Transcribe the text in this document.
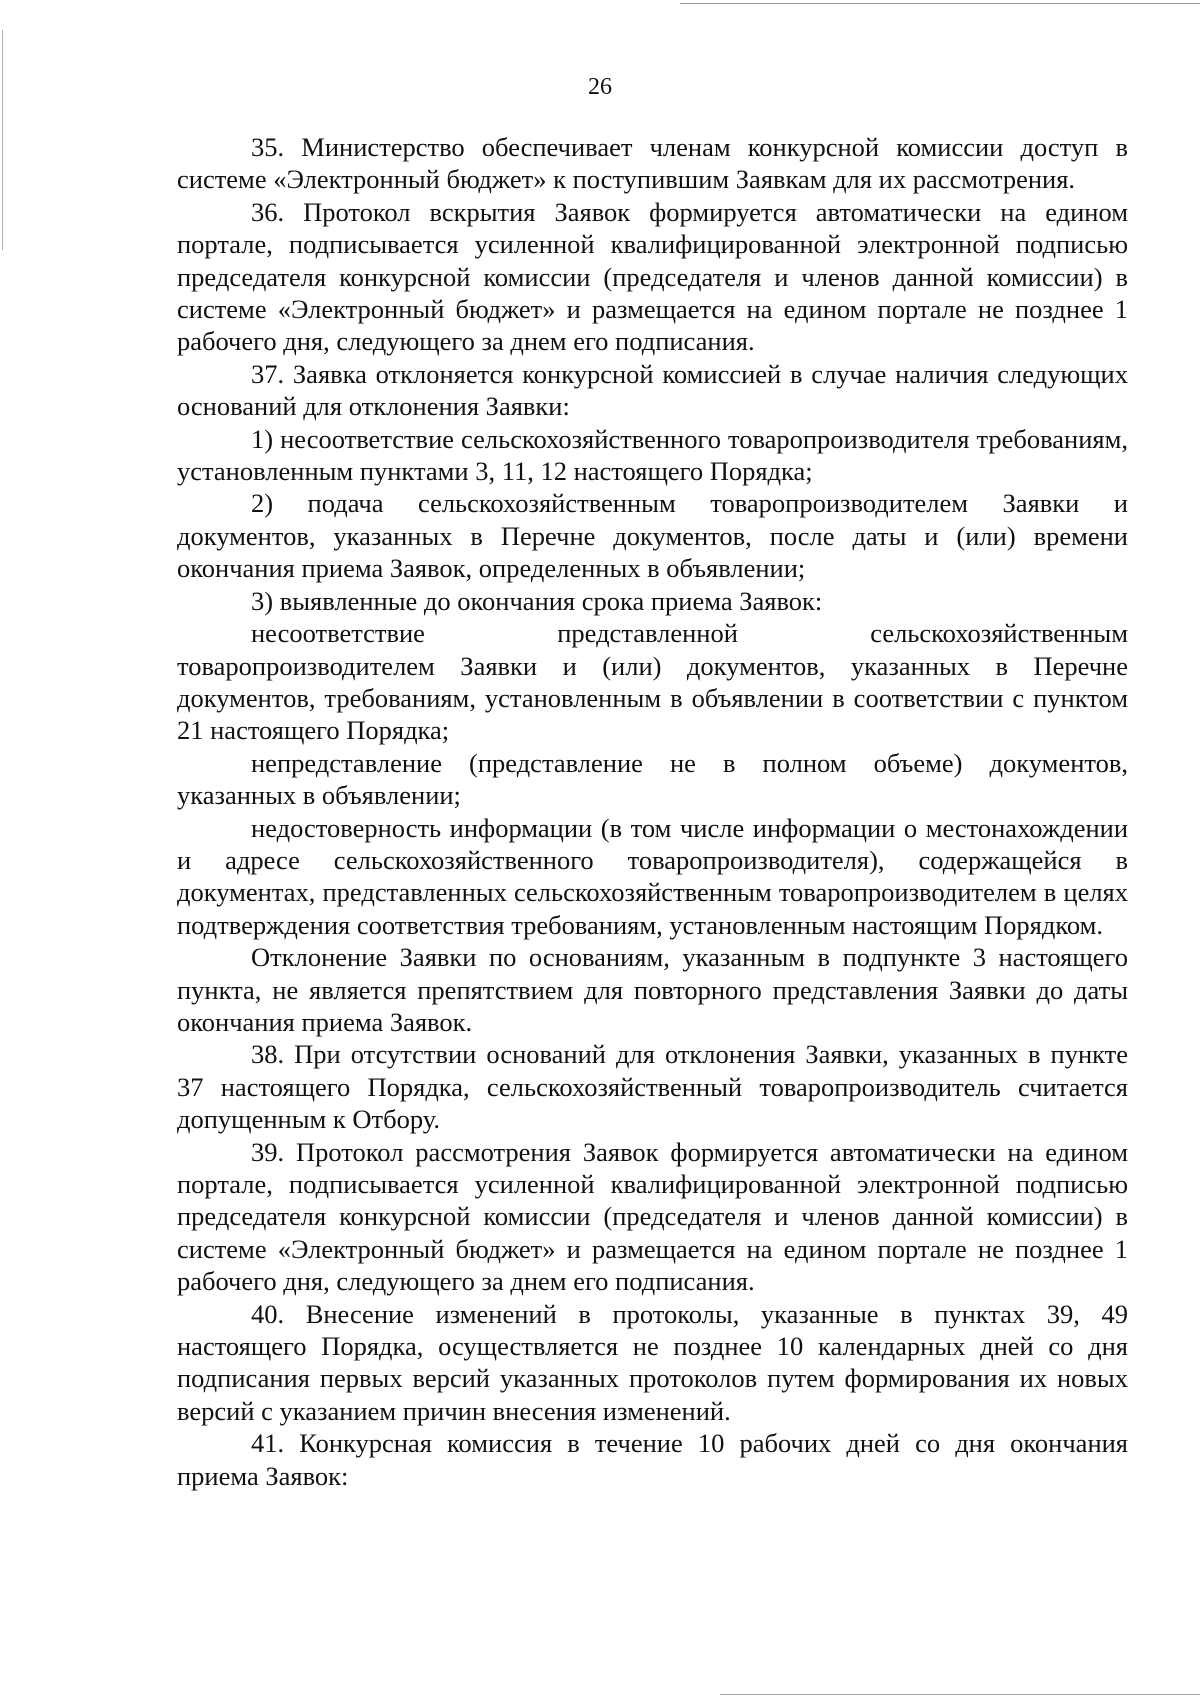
26

35. Министерство обеспечивает членам конкурсной комиссии доступ в системе «Электронный бюджет» к поступившим Заявкам для их рассмотрения.

36. Протокол вскрытия Заявок формируется автоматически на едином портале, подписывается усиленной квалифицированной электронной подписью председателя конкурсной комиссии (председателя и членов данной комиссии) в системе «Электронный бюджет» и размещается на едином портале не позднее 1 рабочего дня, следующего за днем его подписания.

37. Заявка отклоняется конкурсной комиссией в случае наличия следующих оснований для отклонения Заявки:

1) несоответствие сельскохозяйственного товаропроизводителя требованиям, установленным пунктами 3, 11, 12 настоящего Порядка;

2) подача сельскохозяйственным товаропроизводителем Заявки и документов, указанных в Перечне документов, после даты и (или) времени окончания приема Заявок, определенных в объявлении;

3) выявленные до окончания срока приема Заявок:

несоответствие представленной сельскохозяйственным товаропроизводителем Заявки и (или) документов, указанных в Перечне документов, требованиям, установленным в объявлении в соответствии с пунктом 21 настоящего Порядка;

непредставление (представление не в полном объеме) документов, указанных в объявлении;

недостоверность информации (в том числе информации о местонахождении и адресе сельскохозяйственного товаропроизводителя), содержащейся в документах, представленных сельскохозяйственным товаропроизводителем в целях подтверждения соответствия требованиям, установленным настоящим Порядком.

Отклонение Заявки по основаниям, указанным в подпункте 3 настоящего пункта, не является препятствием для повторного представления Заявки до даты окончания приема Заявок.

38. При отсутствии оснований для отклонения Заявки, указанных в пункте 37 настоящего Порядка, сельскохозяйственный товаропроизводитель считается допущенным к Отбору.

39. Протокол рассмотрения Заявок формируется автоматически на едином портале, подписывается усиленной квалифицированной электронной подписью председателя конкурсной комиссии (председателя и членов данной комиссии) в системе «Электронный бюджет» и размещается на едином портале не позднее 1 рабочего дня, следующего за днем его подписания.

40. Внесение изменений в протоколы, указанные в пунктах 39, 49 настоящего Порядка, осуществляется не позднее 10 календарных дней со дня подписания первых версий указанных протоколов путем формирования их новых версий с указанием причин внесения изменений.

41. Конкурсная комиссия в течение 10 рабочих дней со дня окончания приема Заявок:
